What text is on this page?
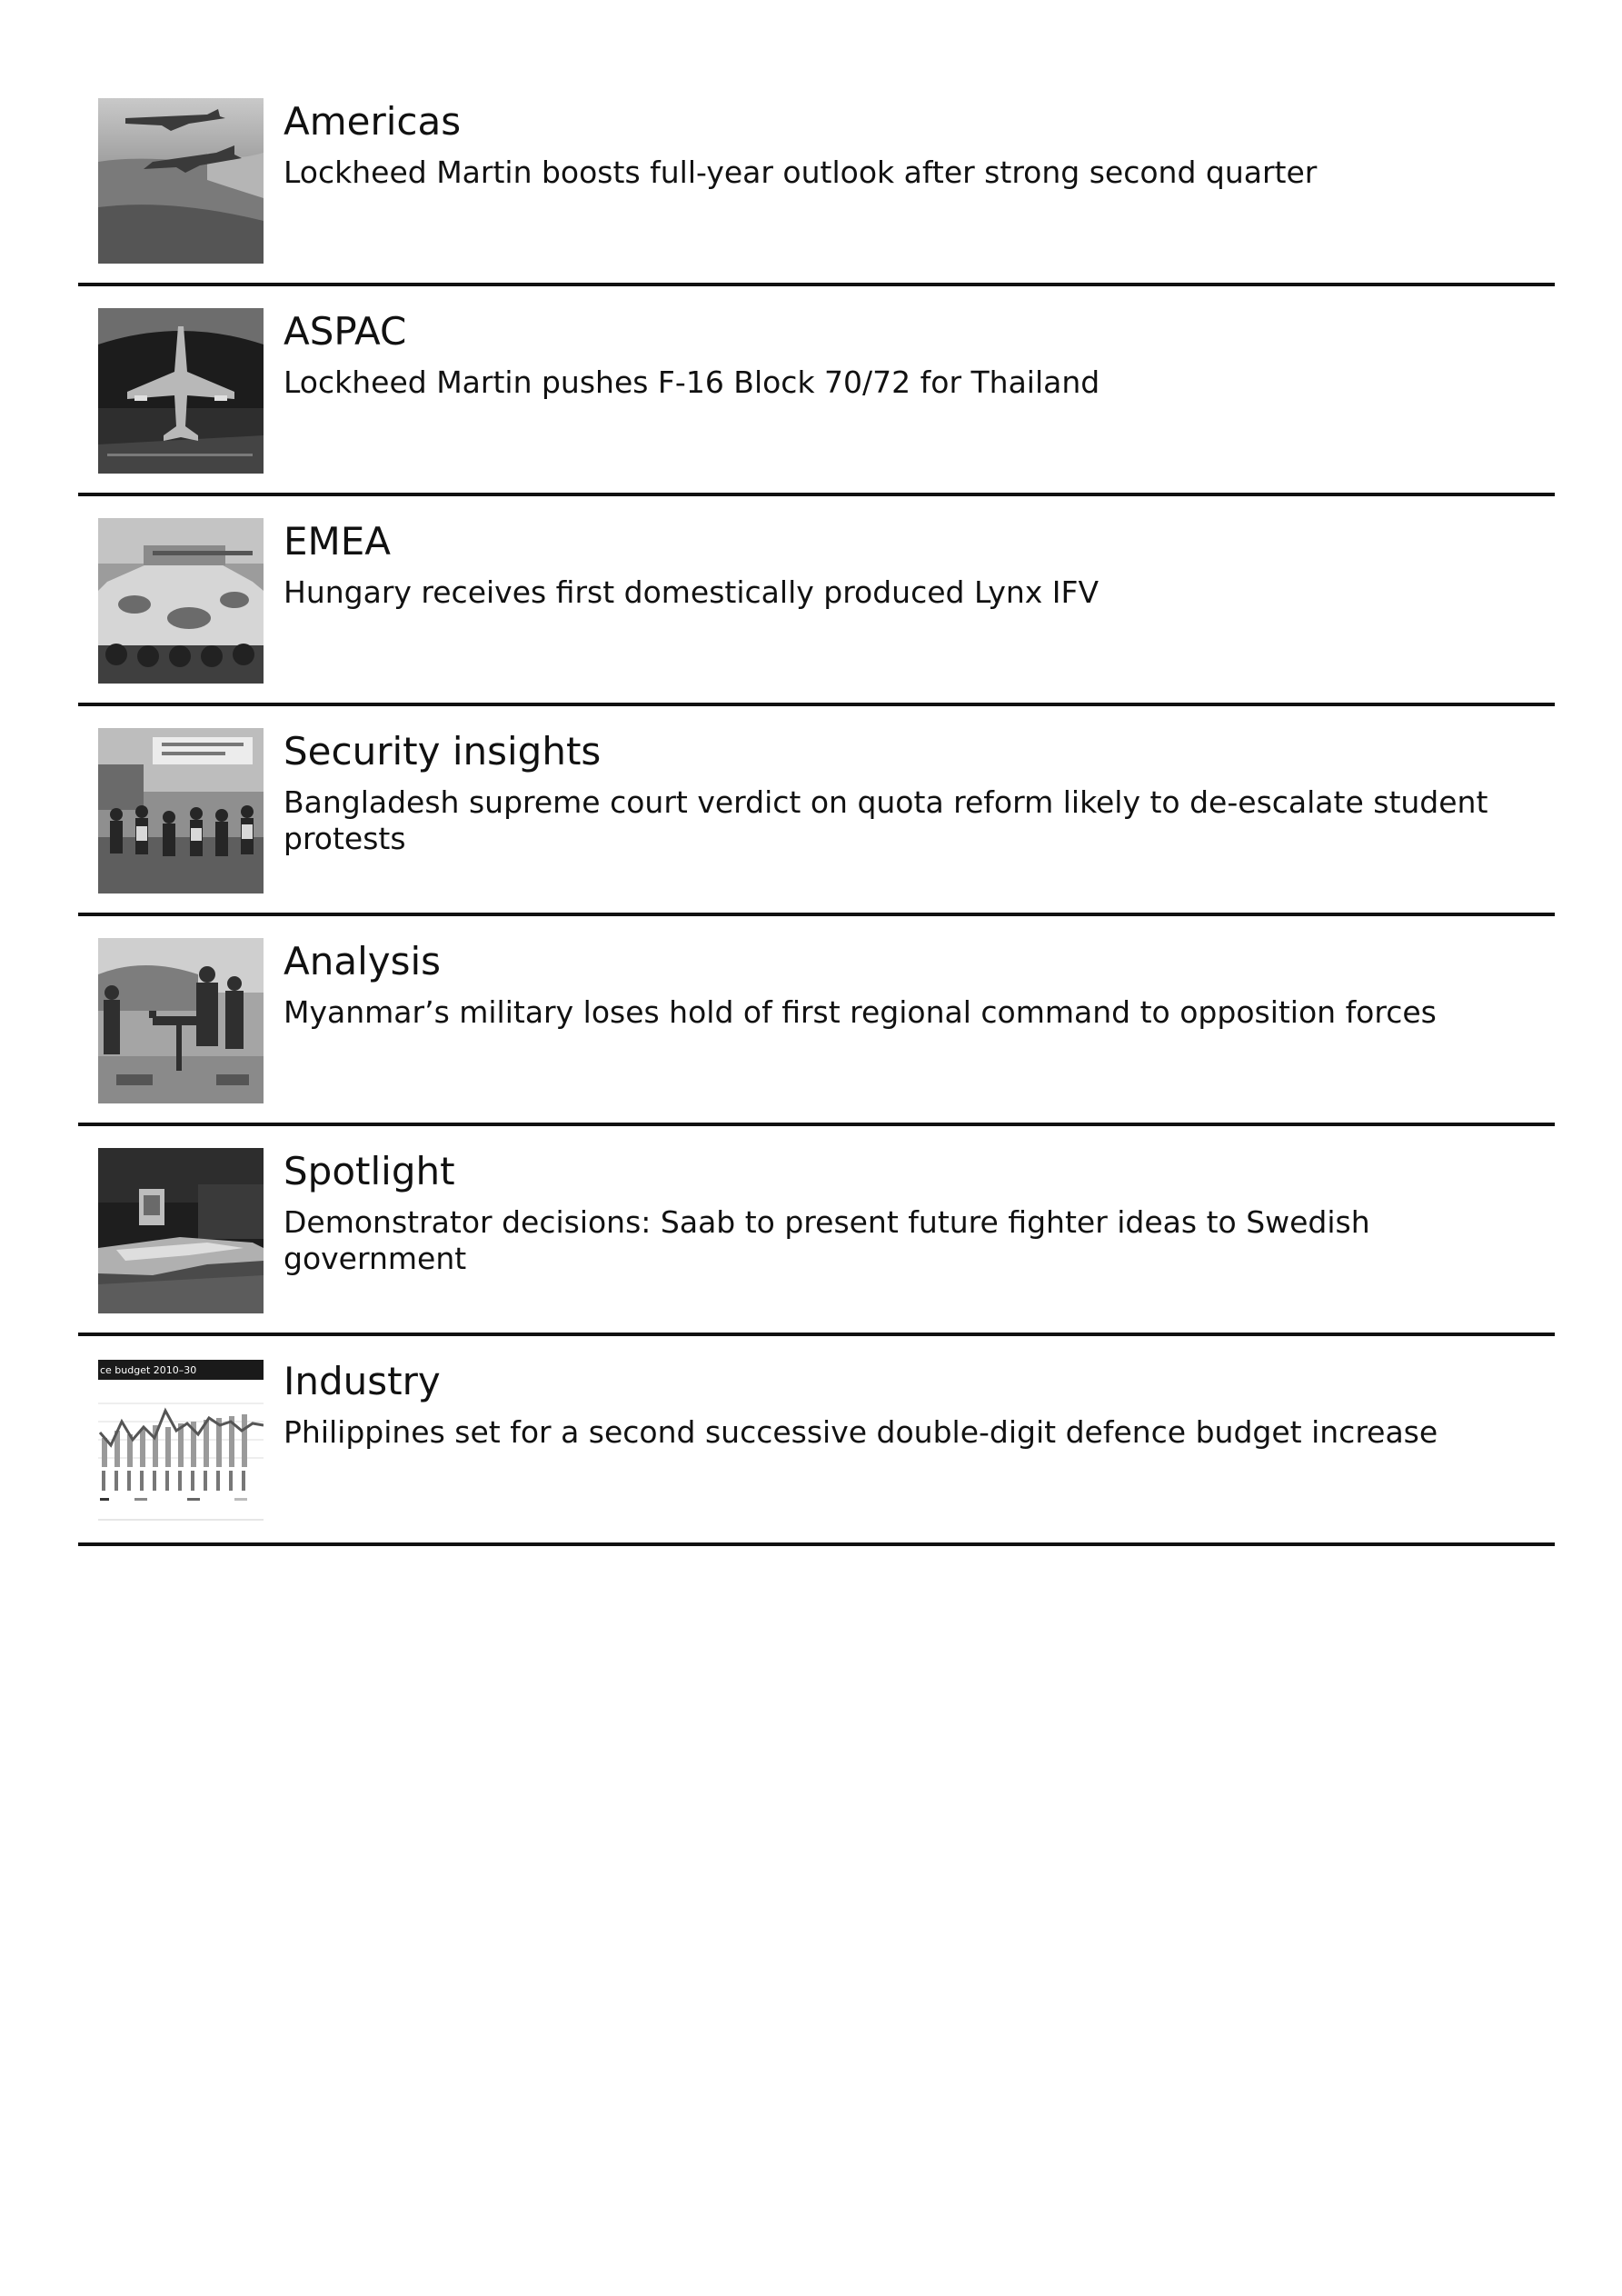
Americas

Lockheed Martin boosts full-year outlook after strong second quarter

ASPAC

Lockheed Martin pushes F-16 Block 70/72 for Thailand

EMEA

Hungary receives first domestically produced Lynx IFV

Security insights

Bangladesh supreme court verdict on quota reform likely to de-escalate student protests

Analysis

Myanmar’s military loses hold of first regional command to opposition forces

Spotlight

Demonstrator decisions: Saab to present future fighter ideas to Swedish government

ce budget 2010–30 Industry

Philippines set for a second successive double-digit defence budget increase
